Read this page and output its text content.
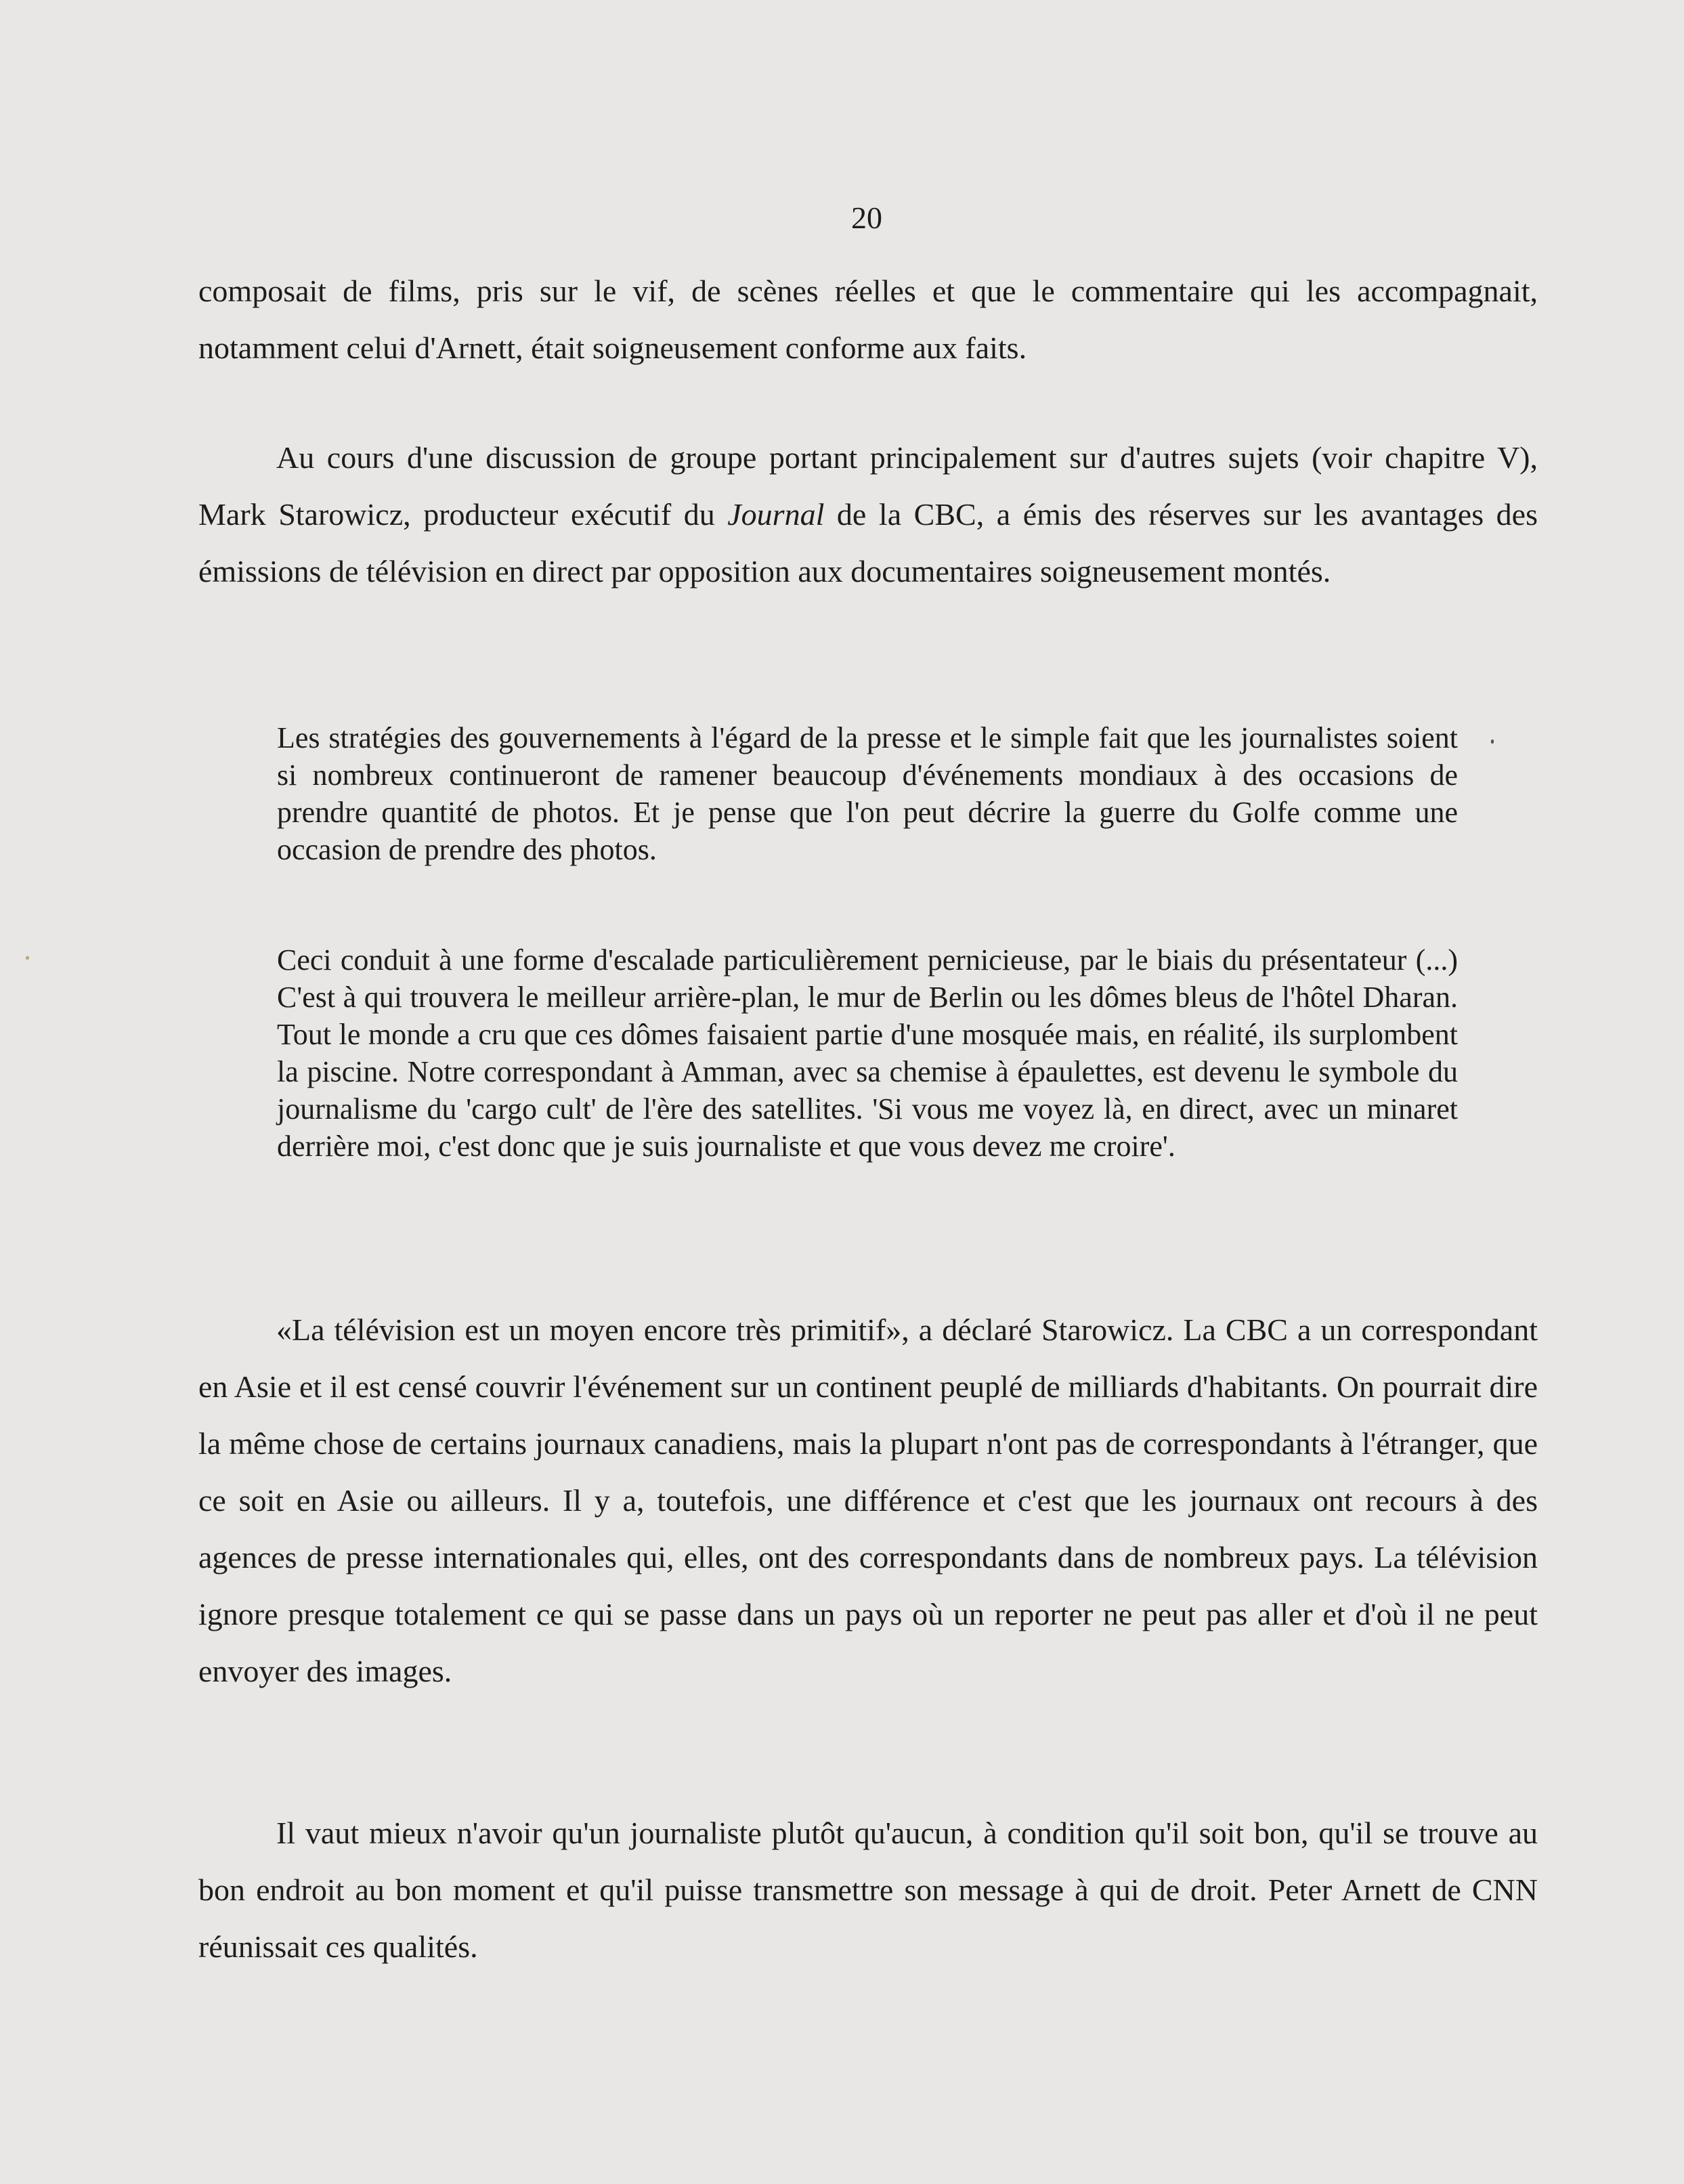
20

composait de films, pris sur le vif, de scènes réelles et que le commentaire qui les accompagnait, notamment celui d'Arnett, était soigneusement conforme aux faits.

Au cours d'une discussion de groupe portant principalement sur d'autres sujets (voir chapitre V), Mark Starowicz, producteur exécutif du Journal de la CBC, a émis des réserves sur les avantages des émissions de télévision en direct par opposition aux documentaires soigneusement montés.

Les stratégies des gouvernements à l'égard de la presse et le simple fait que les journalistes soient si nombreux continueront de ramener beaucoup d'événements mondiaux à des occasions de prendre quantité de photos. Et je pense que l'on peut décrire la guerre du Golfe comme une occasion de prendre des photos.

Ceci conduit à une forme d'escalade particulièrement pernicieuse, par le biais du présentateur (...) C'est à qui trouvera le meilleur arrière-plan, le mur de Berlin ou les dômes bleus de l'hôtel Dharan. Tout le monde a cru que ces dômes faisaient partie d'une mosquée mais, en réalité, ils surplombent la piscine. Notre correspondant à Amman, avec sa chemise à épaulettes, est devenu le symbole du journalisme du 'cargo cult' de l'ère des satellites. 'Si vous me voyez là, en direct, avec un minaret derrière moi, c'est donc que je suis journaliste et que vous devez me croire'.

«La télévision est un moyen encore très primitif», a déclaré Starowicz. La CBC a un correspondant en Asie et il est censé couvrir l'événement sur un continent peuplé de milliards d'habitants. On pourrait dire la même chose de certains journaux canadiens, mais la plupart n'ont pas de correspondants à l'étranger, que ce soit en Asie ou ailleurs. Il y a, toutefois, une différence et c'est que les journaux ont recours à des agences de presse internationales qui, elles, ont des correspondants dans de nombreux pays. La télévision ignore presque totalement ce qui se passe dans un pays où un reporter ne peut pas aller et d'où il ne peut envoyer des images.

Il vaut mieux n'avoir qu'un journaliste plutôt qu'aucun, à condition qu'il soit bon, qu'il se trouve au bon endroit au bon moment et qu'il puisse transmettre son message à qui de droit. Peter Arnett de CNN réunissait ces qualités.
